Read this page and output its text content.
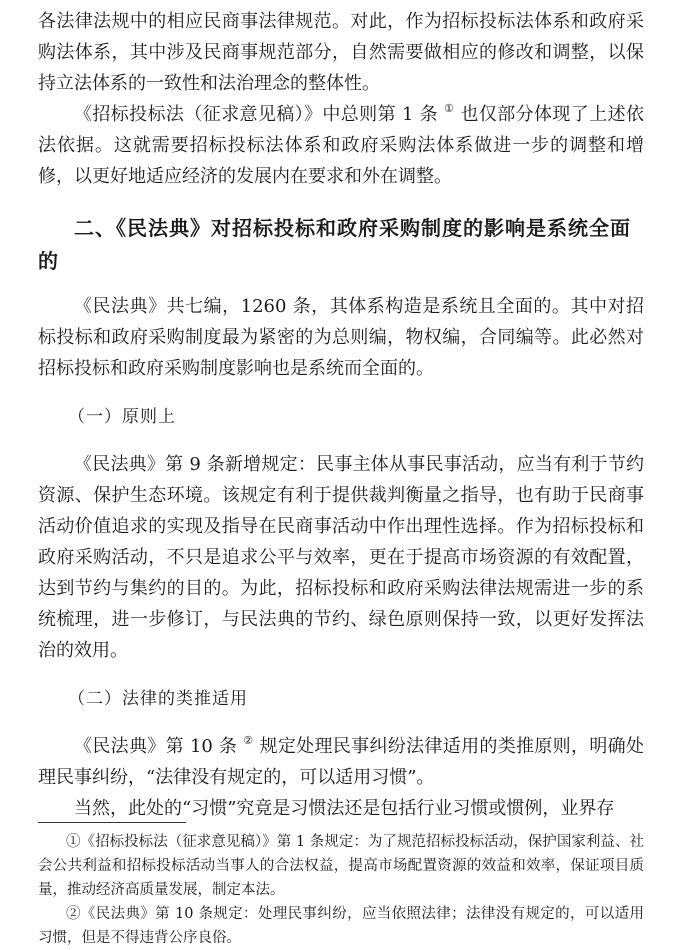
各法律法规中的相应民商事法律规范。对此，作为招标投标法体系和政府采购法体系，其中涉及民商事规范部分，自然需要做相应的修改和调整，以保持立法体系的一致性和法治理念的整体性。

《招标投标法（征求意见稿）》中总则第 1 条 ① 也仅部分体现了上述依法依据。这就需要招标投标法体系和政府采购法体系做进一步的调整和增修，以更好地适应经济的发展内在要求和外在调整。

二、《民法典》对招标投标和政府采购制度的影响是系统全面的

《民法典》共七编，1260 条，其体系构造是系统且全面的。其中对招标投标和政府采购制度最为紧密的为总则编，物权编，合同编等。此必然对招标投标和政府采购制度影响也是系统而全面的。

（一）原则上

《民法典》第 9 条新增规定：民事主体从事民事活动，应当有利于节约资源、保护生态环境。该规定有利于提供裁判衡量之指导，也有助于民商事活动价值追求的实现及指导在民商事活动中作出理性选择。作为招标投标和政府采购活动，不只是追求公平与效率，更在于提高市场资源的有效配置，达到节约与集约的目的。为此，招标投标和政府采购法律法规需进一步的系统梳理，进一步修订，与民法典的节约、绿色原则保持一致，以更好发挥法治的效用。

（二）法律的类推适用

《民法典》第 10 条 ② 规定处理民事纠纷法律适用的类推原则，明确处理民事纠纷，“法律没有规定的，可以适用习惯”。

当然，此处的“习惯”究竟是习惯法还是包括行业习惯或惯例，业界存

①《招标投标法（征求意见稿）》第 1 条规定：为了规范招标投标活动，保护国家利益、社会公共利益和招标投标活动当事人的合法权益，提高市场配置资源的效益和效率，保证项目质量，推动经济高质量发展，制定本法。

②《民法典》第 10 条规定：处理民事纠纷，应当依照法律；法律没有规定的，可以适用习惯，但是不得违背公序良俗。
